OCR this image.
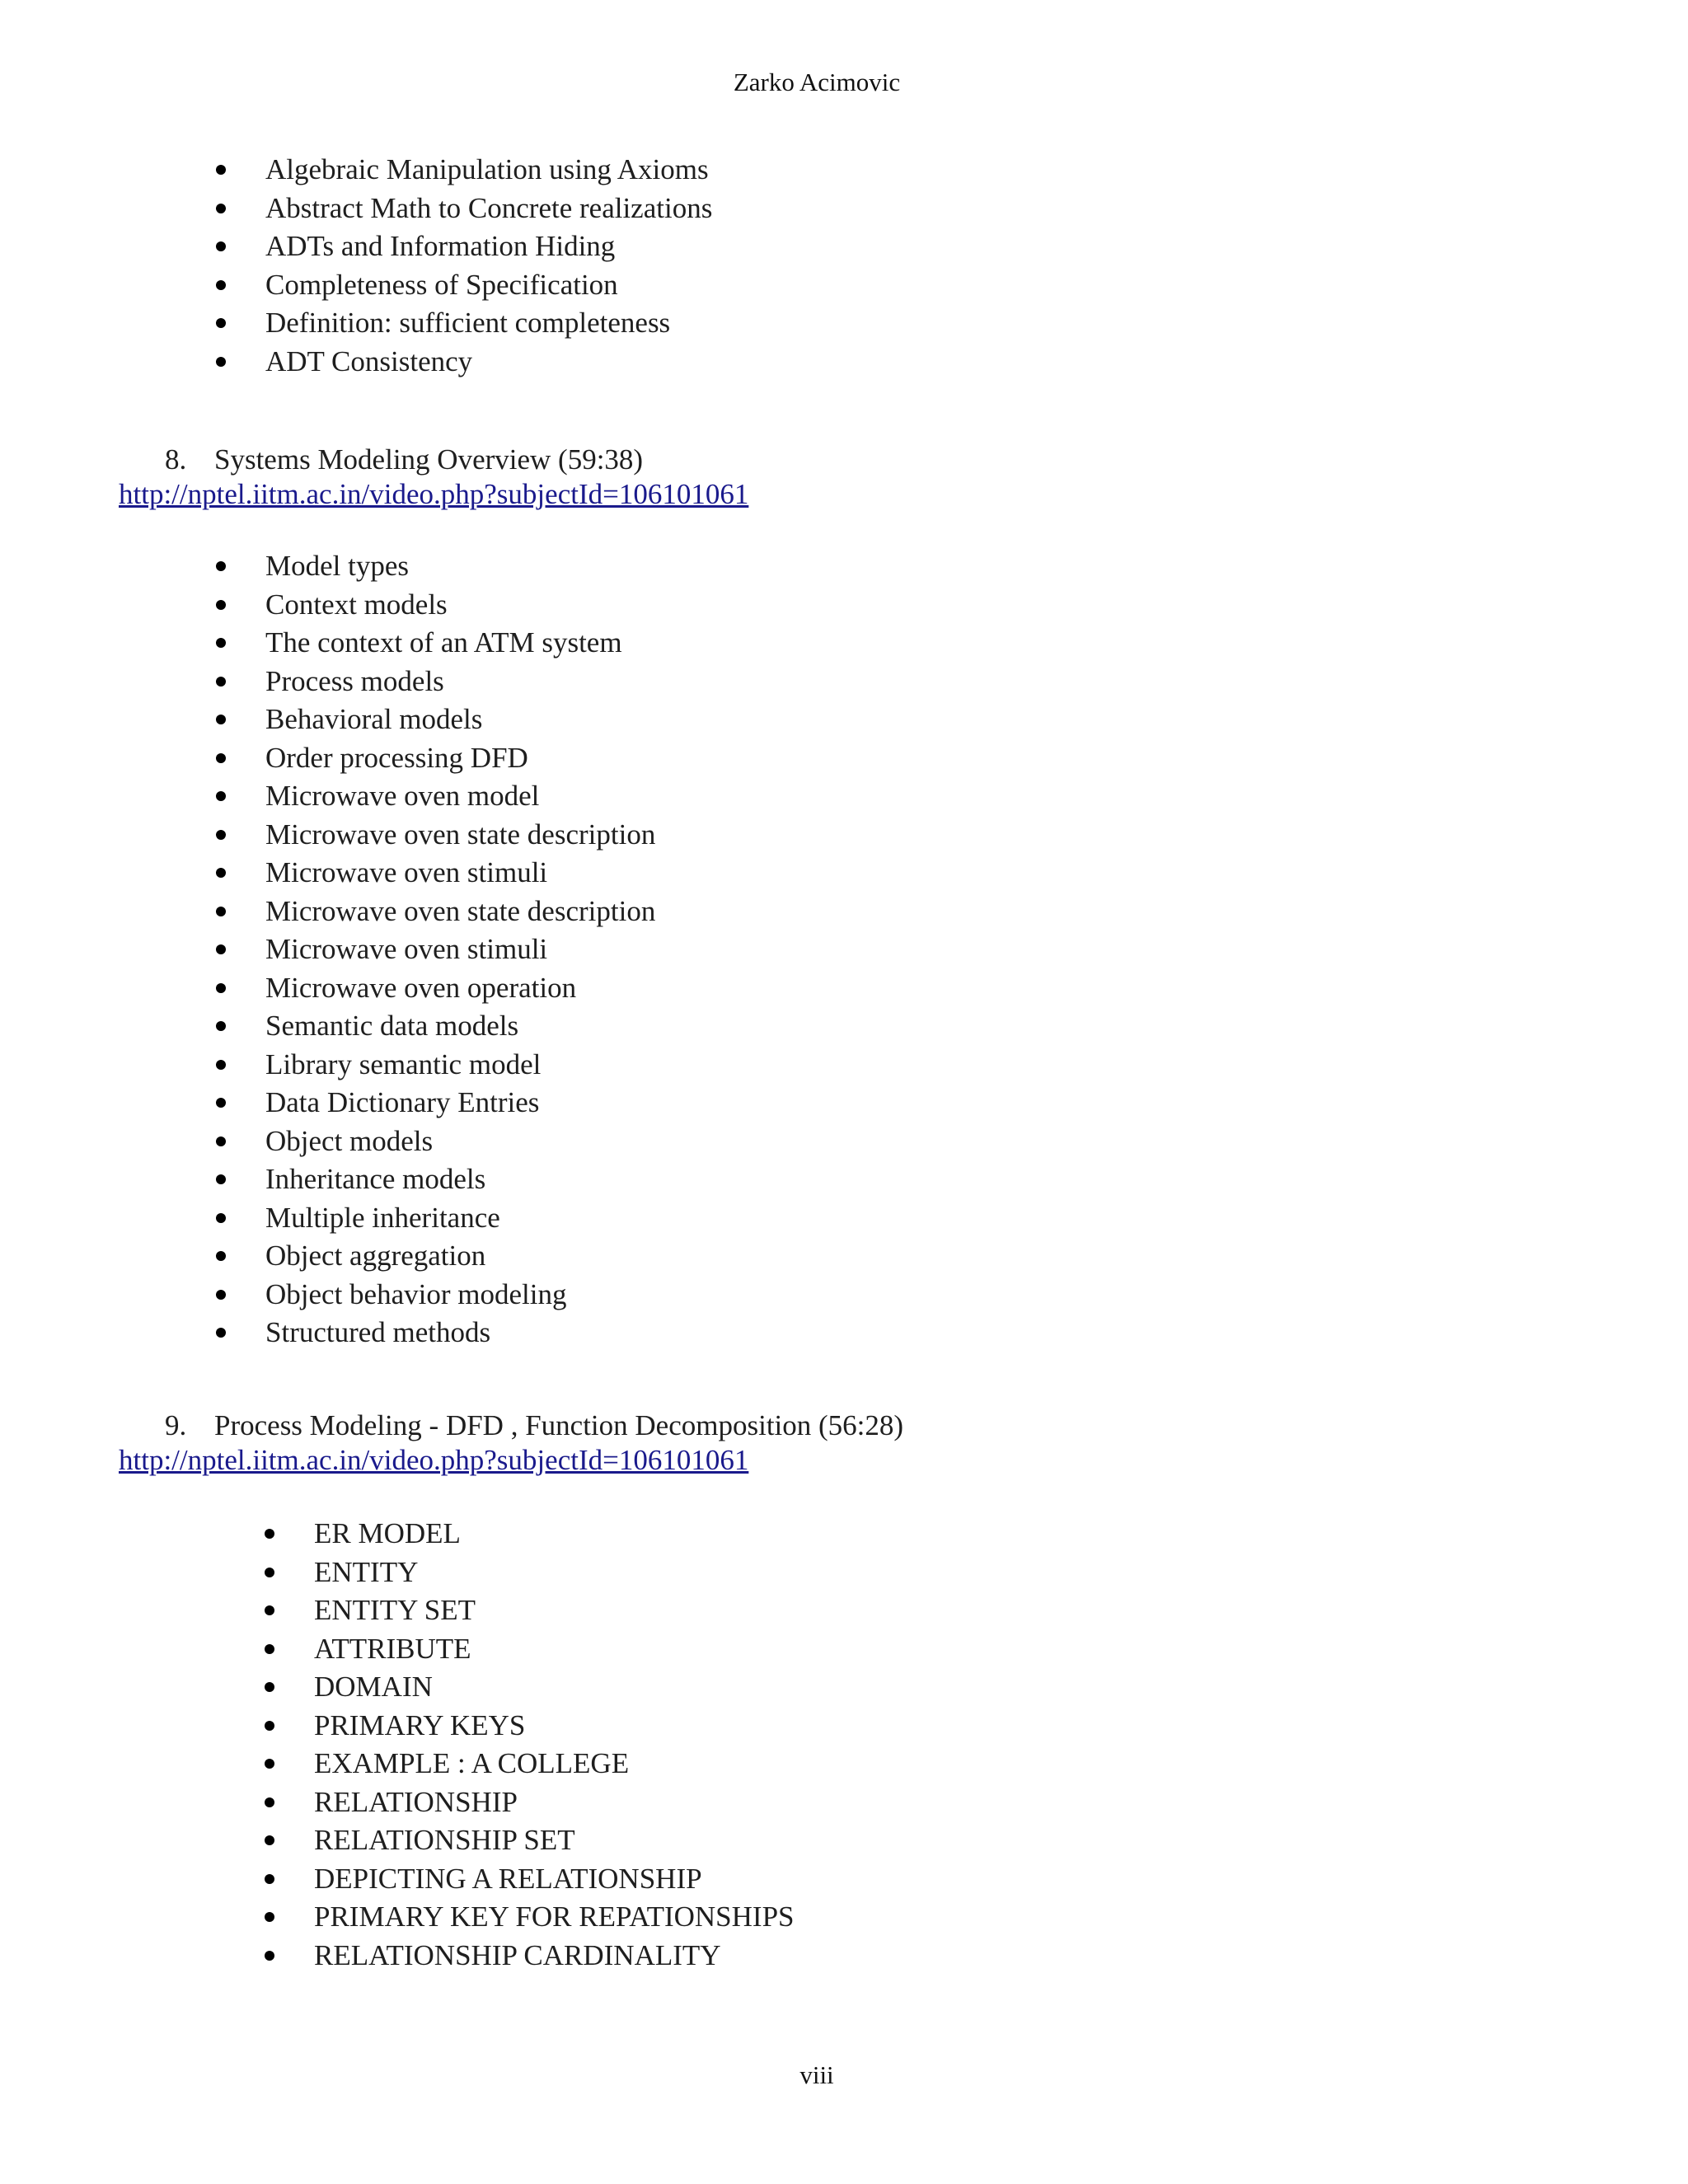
Zarko Acimovic
Algebraic Manipulation using Axioms
Abstract Math to Concrete realizations
ADTs and Information Hiding
Completeness of Specification
Definition: sufficient completeness
ADT Consistency
8. Systems Modeling Overview (59:38)
http://nptel.iitm.ac.in/video.php?subjectId=106101061
Model types
Context models
The context of an ATM system
Process models
Behavioral models
Order processing DFD
Microwave oven model
Microwave oven state description
Microwave oven stimuli
Microwave oven state description
Microwave oven stimuli
Microwave oven operation
Semantic data models
Library semantic model
Data Dictionary Entries
Object models
Inheritance models
Multiple inheritance
Object aggregation
Object behavior modeling
Structured methods
9. Process Modeling - DFD , Function Decomposition (56:28)
http://nptel.iitm.ac.in/video.php?subjectId=106101061
ER MODEL
ENTITY
ENTITY SET
ATTRIBUTE
DOMAIN
PRIMARY KEYS
EXAMPLE : A COLLEGE
RELATIONSHIP
RELATIONSHIP SET
DEPICTING A RELATIONSHIP
PRIMARY KEY FOR REPATIONSHIPS
RELATIONSHIP CARDINALITY
viii
